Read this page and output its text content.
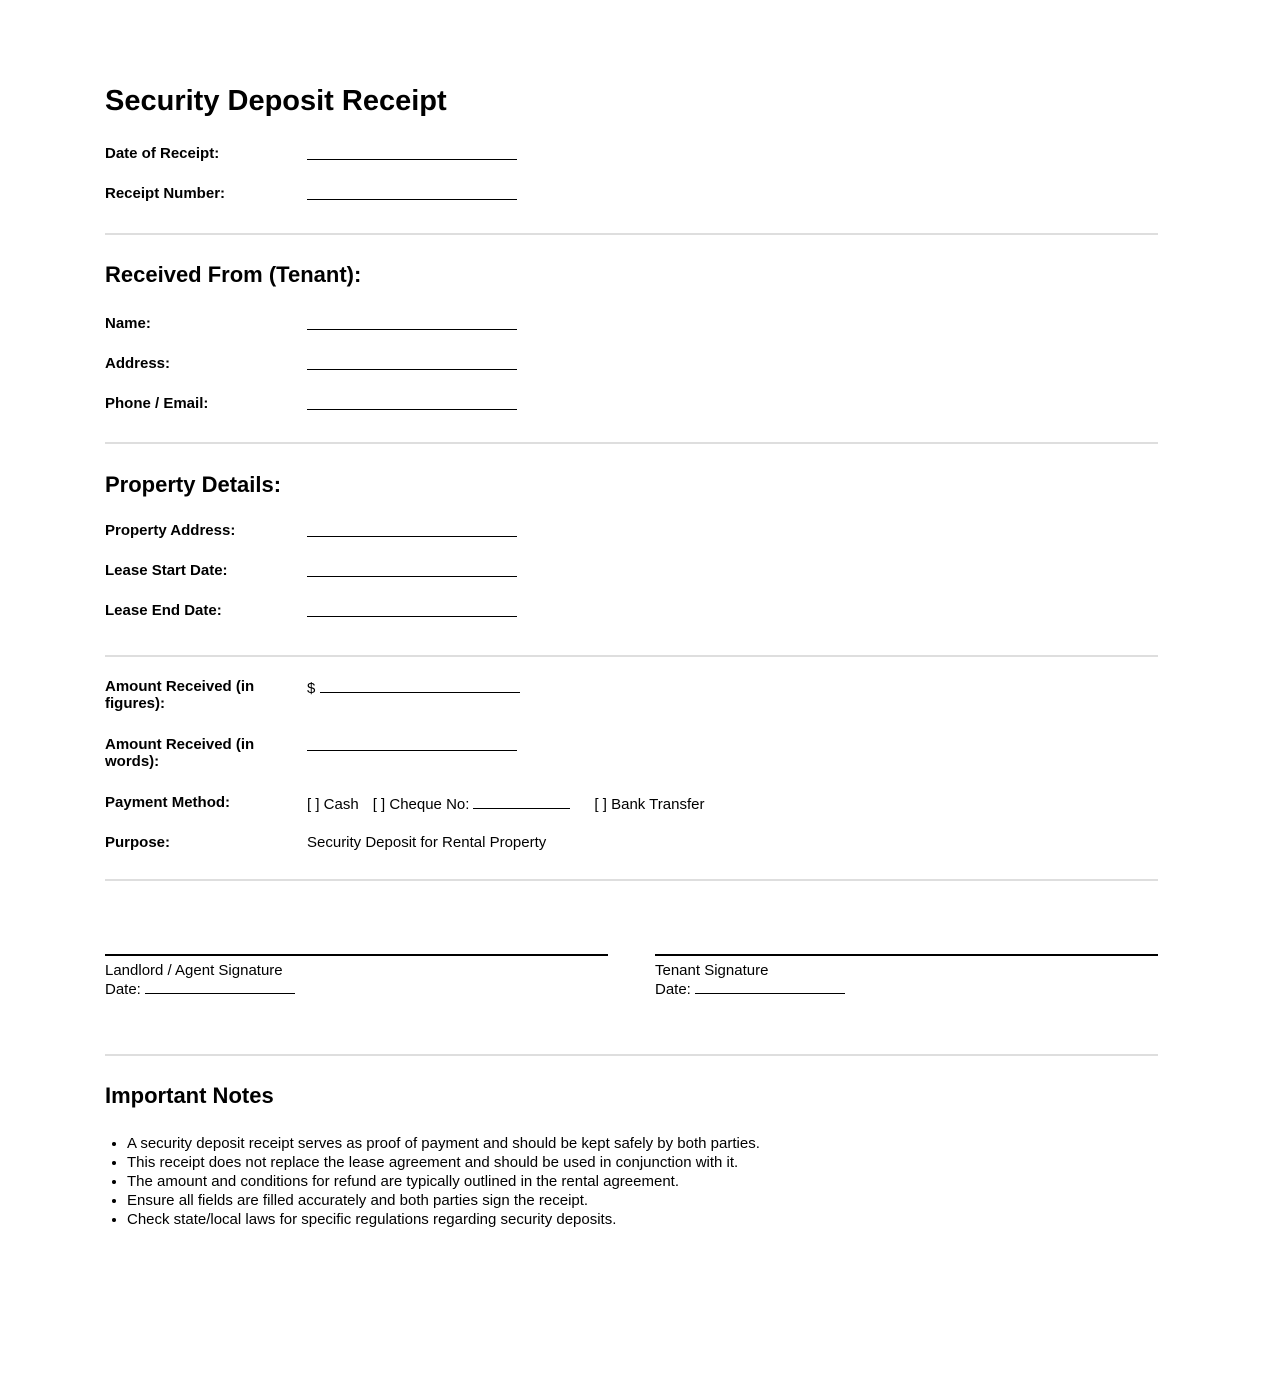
Security Deposit Receipt
Date of Receipt:
Receipt Number:
Received From (Tenant):
Name:
Address:
Phone / Email:
Property Details:
Property Address:
Lease Start Date:
Lease End Date:
Amount Received (in figures):
$
Amount Received (in words):
Payment Method:	[ ] Cash [ ] Cheque No:	[ ] Bank Transfer
Purpose:	Security Deposit for Rental Property
Landlord / Agent Signature
Date:
Tenant Signature
Date:
Important Notes
• A security deposit receipt serves as proof of payment and should be kept safely by both parties.
• This receipt does not replace the lease agreement and should be used in conjunction with it.
• The amount and conditions for refund are typically outlined in the rental agreement.
• Ensure all fields are filled accurately and both parties sign the receipt.
• Check state/local laws for specific regulations regarding security deposits.
